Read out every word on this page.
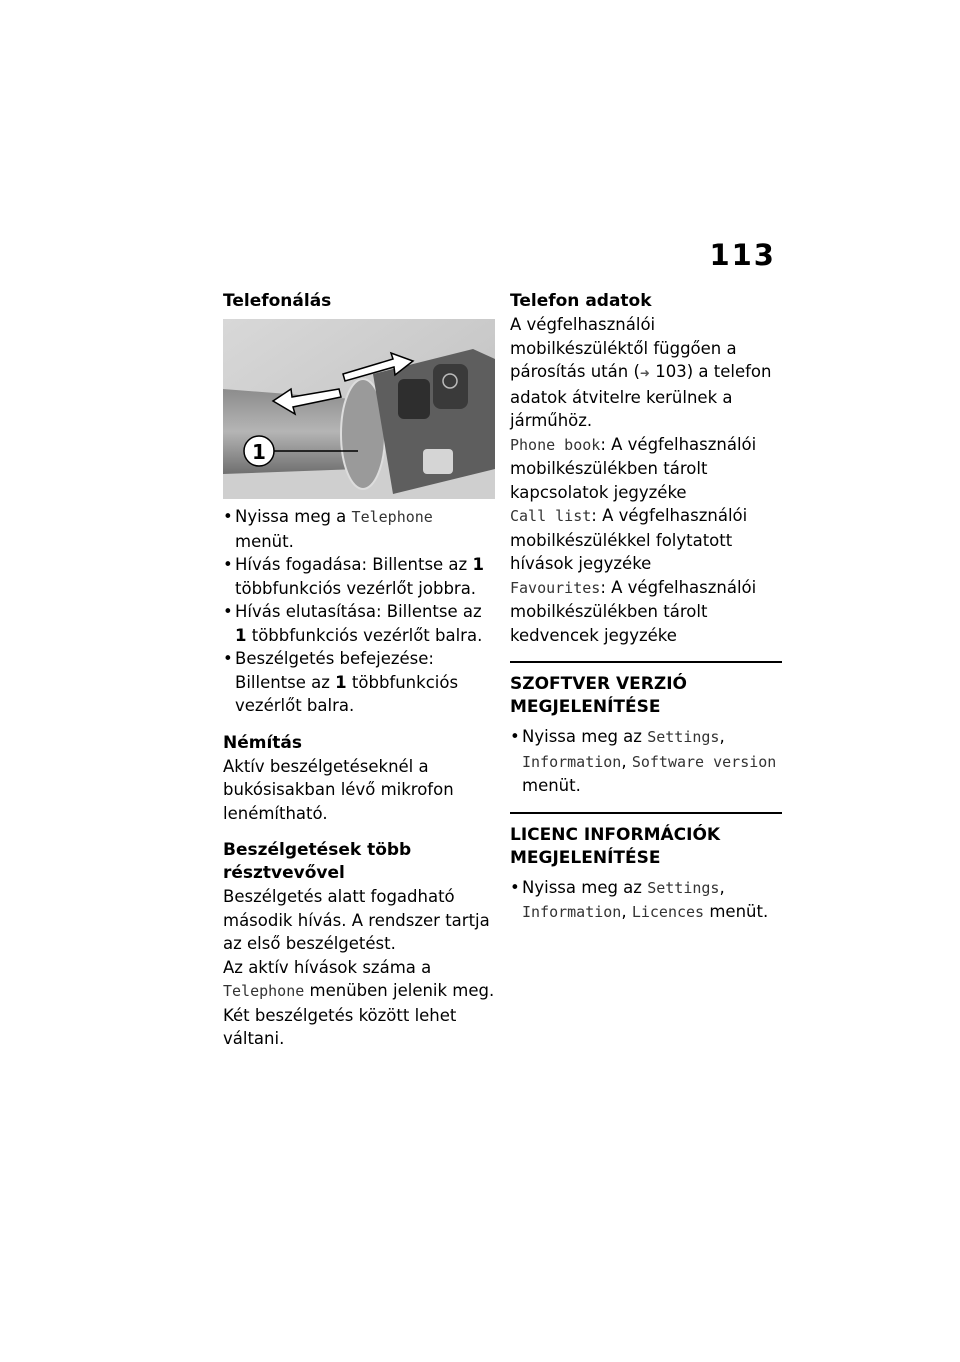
113
Telefonálás
1
• Nyissa meg a Telephone menüt.
• Hívás fogadása: Billentse az 1 többfunkciós vezérlőt jobbra.
• Hívás elutasítása: Billentse az 1 többfunkciós vezérlőt balra.
• Beszélgetés befejezése: Billentse az 1 többfunkciós vezérlőt balra.
Némítás
Aktív beszélgetéseknél a bukósisakban lévő mikrofon lenémítható.
Beszélgetések több résztvevővel
Beszélgetés alatt fogadható második hívás. A rendszer tartja az első beszélgetést.
Az aktív hívások száma a Telephone menüben jelenik meg. Két beszélgetés között lehet váltani.
Telefon adatok
A végfelhasználói mobilkészüléktől függően a párosítás után (➜ 103) a telefon adatok átvitelre kerülnek a járműhöz.
Phone book: A végfelhasználói mobilkészülékben tárolt kapcsolatok jegyzéke
Call list: A végfelhasználói mobilkészülékkel folytatott hívások jegyzéke
Favourites: A végfelhasználói mobilkészülékben tárolt kedvencek jegyzéke
SZOFTVER VERZIÓ MEGJELENÍTÉSE
• Nyissa meg az Settings, Information, Software version menüt.
LICENC INFORMÁCIÓK MEGJELENÍTÉSE
• Nyissa meg az Settings, Information, Licences menüt.
